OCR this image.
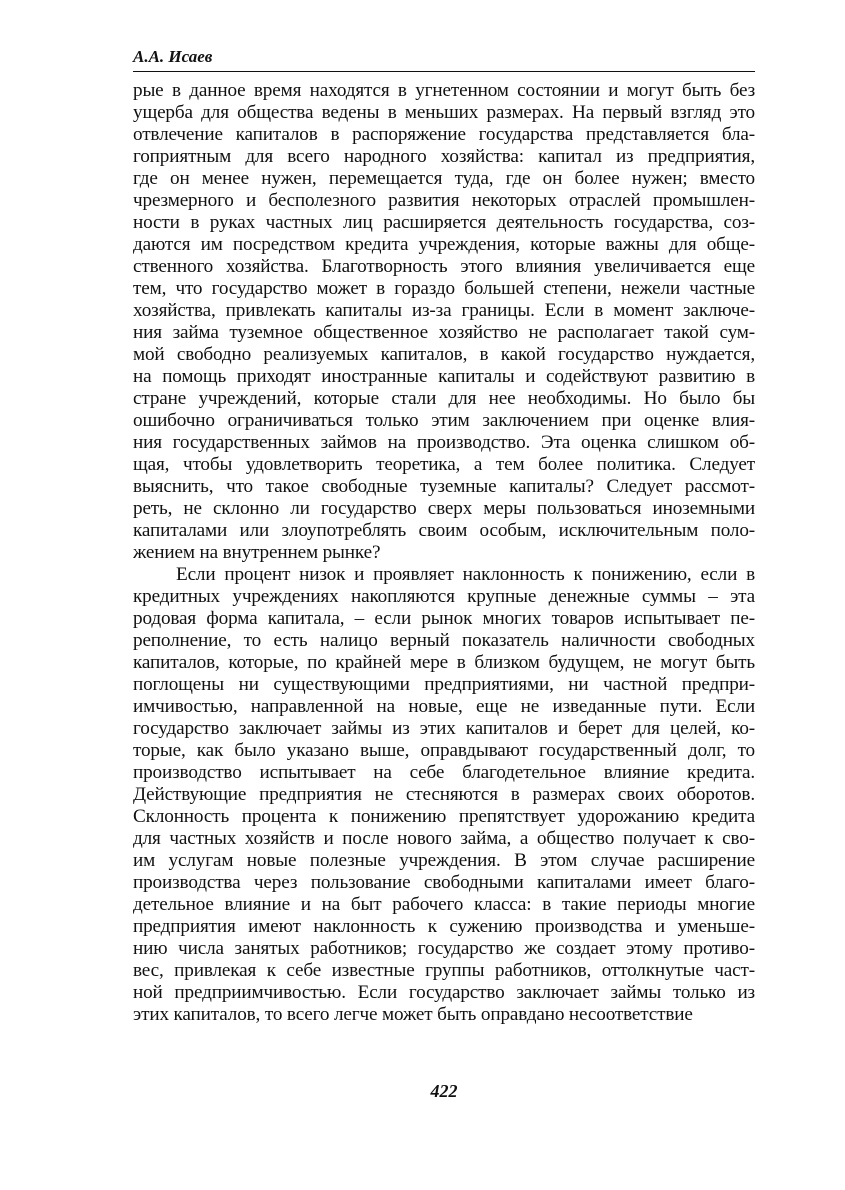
А.А. Исаев
рые в данное время находятся в угнетенном состоянии и могут быть без
ущерба для общества ведены в меньших размерах. На первый взгляд это
отвлечение капиталов в распоряжение государства представляется бла-
гоприятным для всего народного хозяйства: капитал из предприятия,
где он менее нужен, перемещается туда, где он более нужен; вместо
чрезмерного и бесполезного развития некоторых отраслей промышлен-
ности в руках частных лиц расширяется деятельность государства, соз-
даются им посредством кредита учреждения, которые важны для обще-
ственного хозяйства. Благотворность этого влияния увеличивается еще
тем, что государство может в гораздо большей степени, нежели частные
хозяйства, привлекать капиталы из-за границы. Если в момент заключе-
ния займа туземное общественное хозяйство не располагает такой сум-
мой свободно реализуемых капиталов, в какой государство нуждается,
на помощь приходят иностранные капиталы и содействуют развитию в
стране учреждений, которые стали для нее необходимы. Но было бы
ошибочно ограничиваться только этим заключением при оценке влия-
ния государственных займов на производство. Эта оценка слишком об-
щая, чтобы удовлетворить теоретика, а тем более политика. Следует
выяснить, что такое свободные туземные капиталы? Следует рассмот-
реть, не склонно ли государство сверх меры пользоваться иноземными
капиталами или злоупотреблять своим особым, исключительным поло-
жением на внутреннем рынке?
Если процент низок и проявляет наклонность к понижению, если в
кредитных учреждениях накопляются крупные денежные суммы – эта
родовая форма капитала, – если рынок многих товаров испытывает пе-
реполнение, то есть налицо верный показатель наличности свободных
капиталов, которые, по крайней мере в близком будущем, не могут быть
поглощены ни существующими предприятиями, ни частной предпри-
имчивостью, направленной на новые, еще не изведанные пути. Если
государство заключает займы из этих капиталов и берет для целей, ко-
торые, как было указано выше, оправдывают государственный долг, то
производство испытывает на себе благодетельное влияние кредита.
Действующие предприятия не стесняются в размерах своих оборотов.
Склонность процента к понижению препятствует удорожанию кредита
для частных хозяйств и после нового займа, а общество получает к сво-
им услугам новые полезные учреждения. В этом случае расширение
производства через пользование свободными капиталами имеет благо-
детельное влияние и на быт рабочего класса: в такие периоды многие
предприятия имеют наклонность к сужению производства и уменьше-
нию числа занятых работников; государство же создает этому противо-
вес, привлекая к себе известные группы работников, оттолкнутые част-
ной предприимчивостью. Если государство заключает займы только из
этих капиталов, то всего легче может быть оправдано несоответствие
422
